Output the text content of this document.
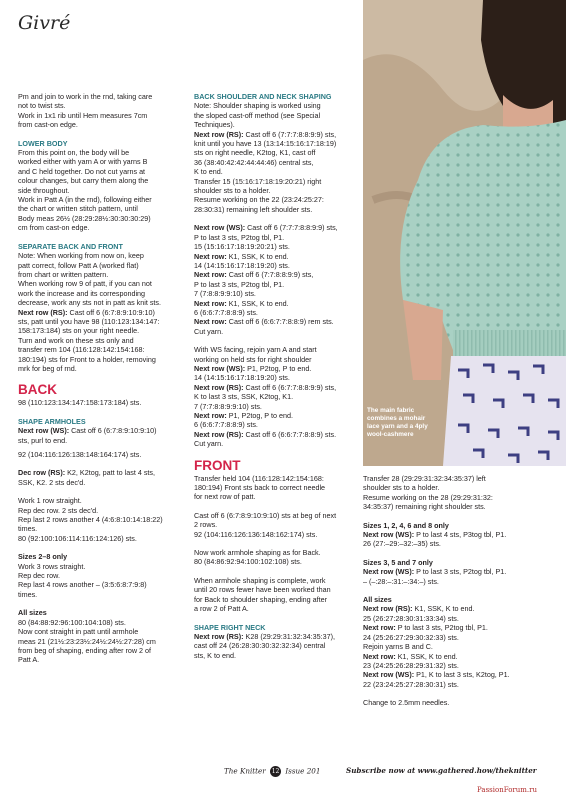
Givré

The main fabric

combines a mohair

lace yarn and a 4ply

wool-cashmere

Pm and join to work in the rnd, taking care

not to twist sts.

Work in 1x1 rib until Hem measures 7cm

from cast-on edge.

LOWER BODY

From this point on, the body will be

worked either with yarn A or with yarns B

and C held together. Do not cut yarns at

colour changes, but carry them along the

side throughout.

Work in Patt A (in the rnd), following either

the chart or written stitch pattern, until

Body meas 26½ (28:29:28½:30:30:30:29)

cm from cast-on edge.

SEPARATE BACK AND FRONT

Note: When working from now on, keep

patt correct, follow Patt A (worked flat)

from chart or written pattern.

When working row 9 of patt, if you can not

work the increase and its corresponding

decrease, work any sts not in patt as knit sts.

Next row (RS): Cast off 6 (6:7:8:9:10:9:10)

sts, patt until you have 98 (110:123:134:147:

158:173:184) sts on your right needle.

Turn and work on these sts only and

transfer rem 104 (116:128:142:154:168:

180:194) sts for Front to a holder, removing

mrk for beg of rnd.

BACK

98 (110:123:134:147:158:173:184) sts.

SHAPE ARMHOLES

Next row (WS): Cast off 6 (6:7:8:9:10:9:10)

sts, purl to end.

92 (104:116:126:138:148:164:174) sts.

Dec row (RS): K2, K2tog, patt to last 4 sts,

SSK, K2. 2 sts dec'd.

Work 1 row straight.

Rep dec row. 2 sts dec'd.

Rep last 2 rows another 4 (4:6:8:10:14:18:22)

times.

80 (92:100:106:114:116:124:126) sts.

Sizes 2–8 only

Work 3 rows straight.

Rep dec row.

Rep last 4 rows another – (3:5:6:8:7:9:8)

times.

All sizes

80 (84:88:92:96:100:104:108) sts.

Now cont straight in patt until armhole

meas 21 (21½:23:23½:24½:24½:27:28) cm

from beg of shaping, ending after row 2 of

Patt A.

BACK SHOULDER AND NECK SHAPING

Note: Shoulder shaping is worked using

the sloped cast-off method (see Special

Techniques).

Next row (RS): Cast off 6 (7:7:7:8:8:9:9) sts,

knit until you have 13 (13:14:15:16:17:18:19)

sts on right needle, K2tog, K1, cast off

36 (38:40:42:42:44:44:46) central sts,

K to end.

Transfer 15 (15:16:17:18:19:20:21) right

shoulder sts to a holder.

Resume working on the 22 (23:24:25:27:

28:30:31) remaining left shoulder sts.

Next row (WS): Cast off 6 (7:7:7:8:8:9:9) sts,

P to last 3 sts, P2tog tbl, P1.

15 (15:16:17:18:19:20:21) sts.

Next row: K1, SSK, K to end.

14 (14:15:16:17:18:19:20) sts.

Next row: Cast off 6 (7:7:8:8:9:9) sts,

P to last 3 sts, P2tog tbl, P1.

7 (7:8:8:9:9:10) sts.

Next row: K1, SSK, K to end.

6 (6:6:7:7:8:8:9) sts.

Next row: Cast off 6 (6:6:7:7:8:8:9) rem sts.

Cut yarn.

With WS facing, rejoin yarn A and start

working on held sts for right shoulder

Next row (WS): P1, P2tog, P to end.

14 (14:15:16:17:18:19:20) sts.

Next row (RS): Cast off 6 (6:7:7:8:8:9:9) sts,

K to last 3 sts, SSK, K2tog, K1.

7 (7:7:8:8:9:9:10) sts.

Next row: P1, P2tog, P to end.

6 (6:6:7:7:8:8:9) sts.

Next row (RS): Cast off 6 (6:6:7:7:8:8:9) sts.

Cut yarn.

FRONT

Transfer held 104 (116:128:142:154:168:

180:194) Front sts back to correct needle

for next row of patt.

Cast off 6 (6:7:8:9:10:9:10) sts at beg of next

2 rows.

92 (104:116:126:136:148:162:174) sts.

Now work armhole shaping as for Back.

80 (84:86:92:94:100:102:108) sts.

When armhole shaping is complete, work

until 20 rows fewer have been worked than

for Back to shoulder shaping, ending after

a row 2 of Patt A.

SHAPE RIGHT NECK

Next row (RS): K28 (29:29:31:32:34:35:37),

cast off 24 (26:28:30:30:32:32:34) central

sts, K to end.

Transfer 28 (29:29:31:32:34:35:37) left

shoulder sts to a holder.

Resume working on the 28 (29:29:31:32:

34:35:37) remaining right shoulder sts.

Sizes 1, 2, 4, 6 and 8 only

Next row (WS): P to last 4 sts, P3tog tbl, P1.

26 (27:–29:–32:–35) sts.

Sizes 3, 5 and 7 only

Next row (WS): P to last 3 sts, P2tog tbl, P1.

– (–:28:–:31:–:34:–) sts.

All sizes

Next row (RS): K1, SSK, K to end.

25 (26:27:28:30:31:33:34) sts.

Next row: P to last 3 sts, P2tog tbl, P1.

24 (25:26:27:29:30:32:33) sts.

Rejoin yarns B and C.

Next row: K1, SSK, K to end.

23 (24:25:26:28:29:31:32) sts.

Next row (WS): P1, K to last 3 sts, K2tog, P1.

22 (23:24:25:27:28:30:31) sts.

Change to 2.5mm needles.

The Knitter 12 Issue 201	Subscribe now at www.gathered.how/theknitter
PassionForum.ru
